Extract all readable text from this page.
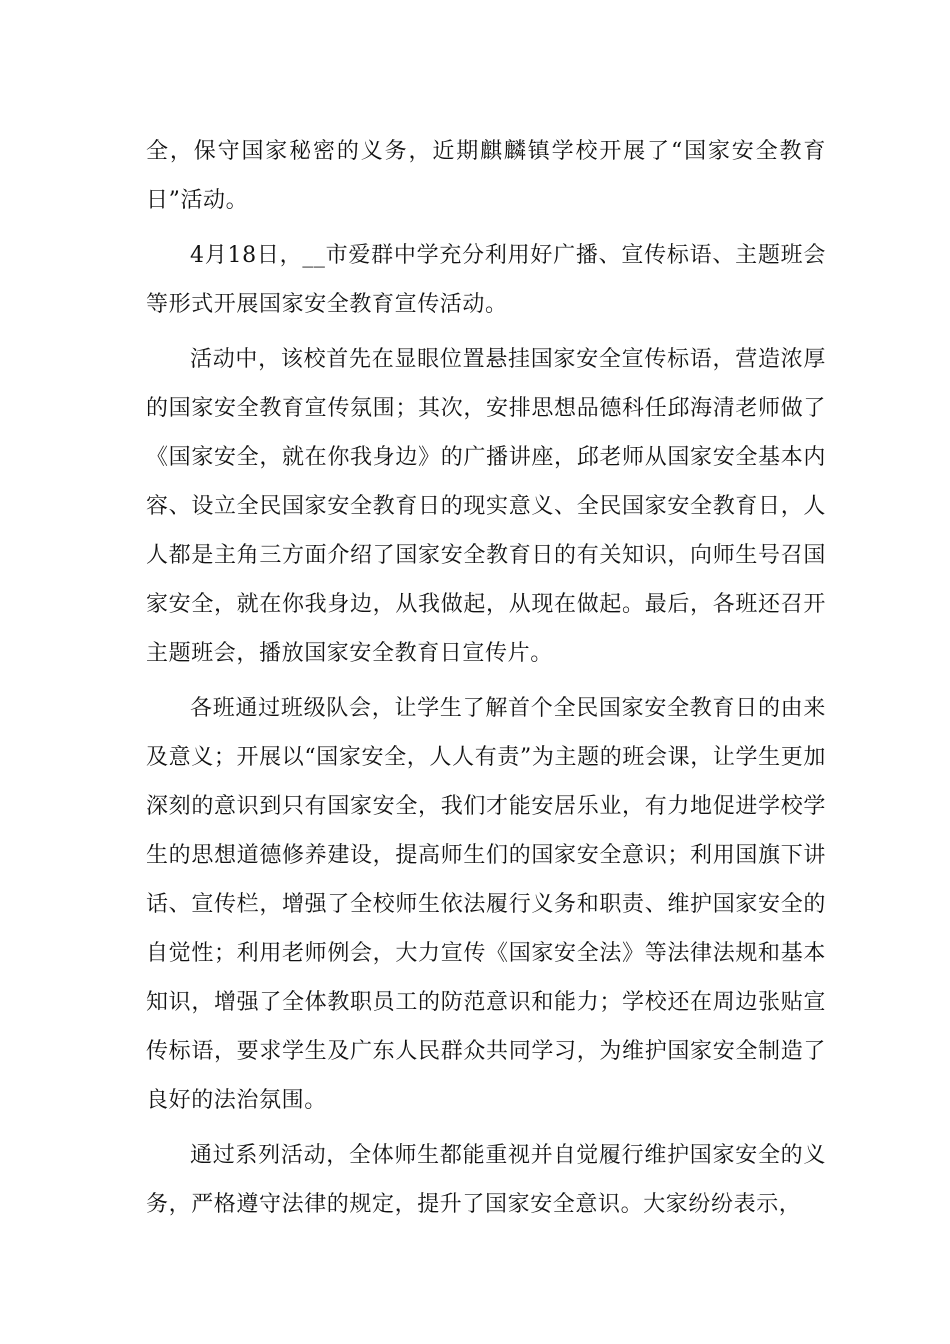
全，保守国家秘密的义务，近期麒麟镇学校开展了“国家安全教育日”活动。

4月18日，__市爱群中学充分利用好广播、宣传标语、主题班会等形式开展国家安全教育宣传活动。

活动中，该校首先在显眼位置悬挂国家安全宣传标语，营造浓厚的国家安全教育宣传氛围；其次，安排思想品德科任邱海清老师做了《国家安全，就在你我身边》的广播讲座，邱老师从国家安全基本内容、设立全民国家安全教育日的现实意义、全民国家安全教育日，人人都是主角三方面介绍了国家安全教育日的有关知识，向师生号召国家安全，就在你我身边，从我做起，从现在做起。最后，各班还召开主题班会，播放国家安全教育日宣传片。

各班通过班级队会，让学生了解首个全民国家安全教育日的由来及意义；开展以“国家安全，人人有责”为主题的班会课，让学生更加深刻的意识到只有国家安全，我们才能安居乐业，有力地促进学校学生的思想道德修养建设，提高师生们的国家安全意识；利用国旗下讲话、宣传栏，增强了全校师生依法履行义务和职责、维护国家安全的自觉性；利用老师例会，大力宣传《国家安全法》等法律法规和基本知识，增强了全体教职员工的防范意识和能力；学校还在周边张贴宣传标语，要求学生及广东人民群众共同学习，为维护国家安全制造了良好的法治氛围。

通过系列活动，全体师生都能重视并自觉履行维护国家安全的义务，严格遵守法律的规定，提升了国家安全意识。大家纷纷表示，
